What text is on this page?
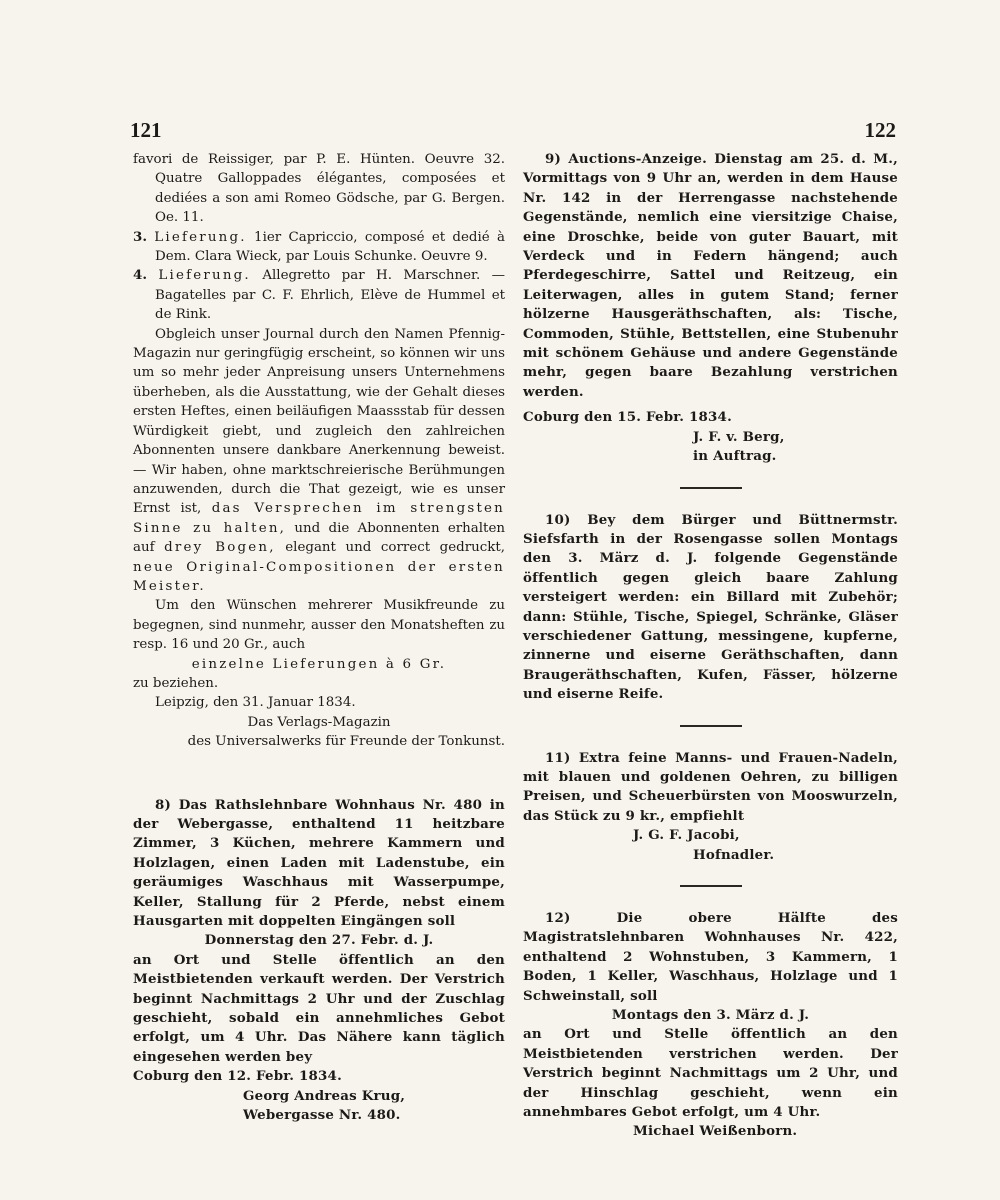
121	122

favori de Reissiger, par P. E. Hünten. Oeuvre 32. Quatre Galloppades élégantes, composées et dediées a son ami Romeo Gödsche, par G. Bergen. Oe. 11.

3. Lieferung. 1ier Capriccio, composé et dedié à Dem. Clara Wieck, par Louis Schunke. Oeuvre 9.

4. Lieferung. Allegretto par H. Marschner. — Bagatelles par C. F. Ehrlich, Elève de Hummel et de Rink.

Obgleich unser Journal durch den Namen Pfennig-Magazin nur geringfügig erscheint, so können wir uns um so mehr jeder Anpreisung unsers Unternehmens überheben, als die Ausstattung, wie der Gehalt dieses ersten Heftes, einen beiläufigen Maassstab für dessen Würdigkeit giebt, und zugleich den zahlreichen Abonnenten unsere dankbare Anerkennung beweist. — Wir haben, ohne marktschreierische Berühmungen anzuwenden, durch die That gezeigt, wie es unser Ernst ist, das Versprechen im strengsten Sinne zu halten, und die Abonnenten erhalten auf drey Bogen, elegant und correct gedruckt, neue Original-Compositionen der ersten Meister.

Um den Wünschen mehrerer Musikfreunde zu begegnen, sind nunmehr, ausser den Monatsheften zu resp. 16 und 20 Gr., auch

einzelne Lieferungen à 6 Gr.

zu beziehen.

Leipzig, den 31. Januar 1834.

Das Verlags-Magazin

des Universalwerks für Freunde der Tonkunst.

8) Das Rathslehnbare Wohnhaus Nr. 480 in der Webergasse, enthaltend 11 heitzbare Zimmer, 3 Küchen, mehrere Kammern und Holzlagen, einen Laden mit Ladenstube, ein geräumiges Waschhaus mit Wasserpumpe, Keller, Stallung für 2 Pferde, nebst einem Hausgarten mit doppelten Eingängen soll

Donnerstag den 27. Febr. d. J.

an Ort und Stelle öffentlich an den Meistbietenden verkauft werden. Der Verstrich beginnt Nachmittags 2 Uhr und der Zuschlag geschieht, sobald ein annehmliches Gebot erfolgt, um 4 Uhr. Das Nähere kann täglich eingesehen werden bey

Coburg den 12. Febr. 1834.

Georg Andreas Krug,

Webergasse Nr. 480.

9) Auctions-Anzeige. Dienstag am 25. d. M., Vormittags von 9 Uhr an, werden in dem Hause Nr. 142 in der Herrengasse nachstehende Gegenstände, nemlich eine viersitzige Chaise, eine Droschke, beide von guter Bauart, mit Verdeck und in Federn hängend; auch Pferdegeschirre, Sattel und Reitzeug, ein Leiterwagen, alles in gutem Stand; ferner hölzerne Hausgeräthschaften, als: Tische, Commoden, Stühle, Bettstellen, eine Stubenuhr mit schönem Gehäuse und andere Gegenstände mehr, gegen baare Bezahlung verstrichen werden.

Coburg den 15. Febr. 1834.

J. F. v. Berg,

in Auftrag.

10) Bey dem Bürger und Büttnermstr. Siefsfarth in der Rosengasse sollen Montags den 3. März d. J. folgende Gegenstände öffentlich gegen gleich baare Zahlung versteigert werden: ein Billard mit Zubehör; dann: Stühle, Tische, Spiegel, Schränke, Gläser verschiedener Gattung, messingene, kupferne, zinnerne und eiserne Geräthschaften, dann Braugeräthschaften, Kufen, Fässer, hölzerne und eiserne Reife.

11) Extra feine Manns- und Frauen-Nadeln, mit blauen und goldenen Oehren, zu billigen Preisen, und Scheuerbürsten von Mooswurzeln, das Stück zu 9 kr., empfiehlt

J. G. F. Jacobi,

Hofnadler.

12) Die obere Hälfte des Magistratslehnbaren Wohnhauses Nr. 422, enthaltend 2 Wohnstuben, 3 Kammern, 1 Boden, 1 Keller, Waschhaus, Holzlage und 1 Schweinstall, soll

Montags den 3. März d. J.

an Ort und Stelle öffentlich an den Meistbietenden verstrichen werden. Der Verstrich beginnt Nachmittags um 2 Uhr, und der Hinschlag geschieht, wenn ein annehmbares Gebot erfolgt, um 4 Uhr.

Michael Weißenborn.
